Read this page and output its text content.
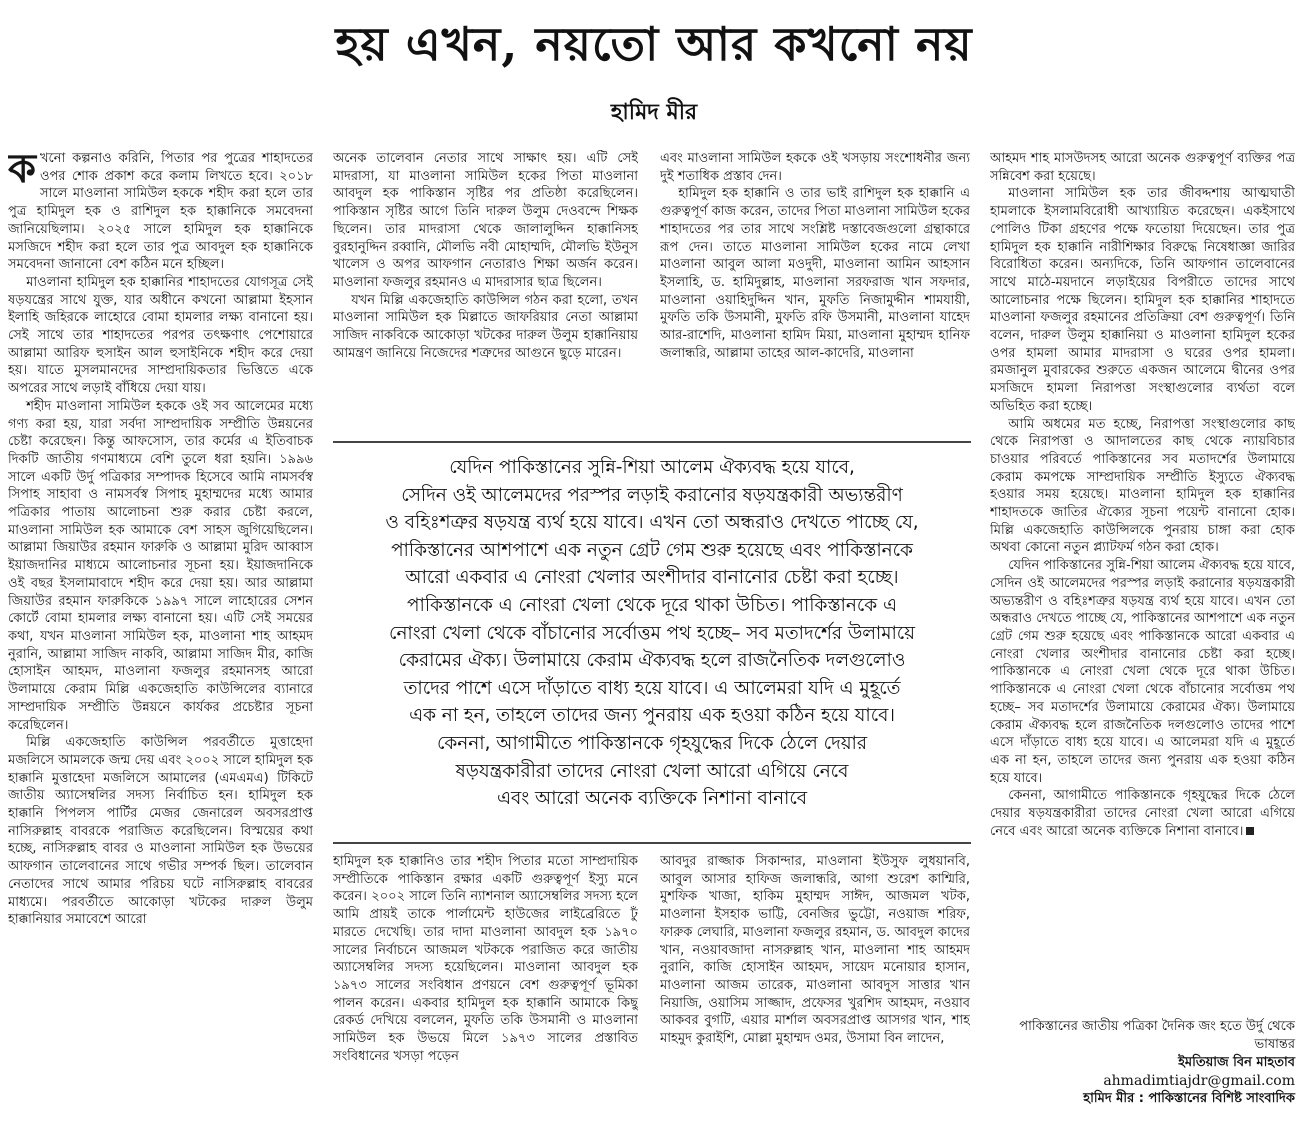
হয় এখন, নয়তো আর কখনো নয়
হামিদ মীর

কখনো কল্পনাও করিনি, পিতার পর পুত্রের শাহাদতের ওপর শোক প্রকাশ করে কলাম লিখতে হবে। ২০১৮ সালে মাওলানা সামিউল হককে শহীদ করা হলে তার পুত্র হামিদুল হক ও রাশিদুল হক হাক্কানিকে সমবেদনা জানিয়েছিলাম। ২০২৫ সালে হামিদুল হক হাক্কানিকে মসজিদে শহীদ করা হলে তার পুত্র আবদুল হক হাক্কানিকে সমবেদনা জানানো বেশ কঠিন মনে হচ্ছিল।

মাওলানা হামিদুল হক হাক্কানির শাহাদতের যোগসূত্র সেই ষড়যন্ত্রের সাথে যুক্ত, যার অধীনে কখনো আল্লামা ইহসান ইলাহি জহিরকে লাহোরে বোমা হামলার লক্ষ্য বানানো হয়। সেই সাথে তার শাহাদতের পরপর তৎক্ষণাৎ পেশোয়ারে আল্লামা আরিফ হুসাইন আল হুসাইনিকে শহীদ করে দেয়া হয়। যাতে মুসলমানদের সাম্প্রদায়িকতার ভিত্তিতে একে অপরের সাথে লড়াই বাঁধিয়ে দেয়া যায়।

শহীদ মাওলানা সামিউল হককে ওই সব আলেমের মধ্যে গণ্য করা হয়, যারা সর্বদা সাম্প্রদায়িক সম্প্রীতি উন্নয়নের চেষ্টা করেছেন। কিন্তু আফসোস, তার কর্মের এ ইতিবাচক দিকটি জাতীয় গণমাধ্যমে বেশি তুলে ধরা হয়নি। ১৯৯৬ সালে একটি উর্দু পত্রিকার সম্পাদক হিসেবে আমি নামসর্বস্ব সিপাহ সাহাবা ও নামসর্বস্ব সিপাহ মুহাম্মদের মধ্যে আমার পত্রিকার পাতায় আলোচনা শুরু করার চেষ্টা করলে, মাওলানা সামিউল হক আমাকে বেশ সাহস জুগিয়েছিলেন। আল্লামা জিয়াউর রহমান ফারুকি ও আল্লামা মুরিদ আব্বাস ইয়াজদানির মাধ্যমে আলোচনার সূচনা হয়। ইয়াজদানিকে ওই বছর ইসলামাবাদে শহীদ করে দেয়া হয়। আর আল্লামা জিয়াউর রহমান ফারুকিকে ১৯৯৭ সালে লাহোরের সেশন কোর্টে বোমা হামলার লক্ষ্য বানানো হয়। এটি সেই সময়ের কথা, যখন মাওলানা সামিউল হক, মাওলানা শাহ আহমদ নুরানি, আল্লামা সাজিদ নাকবি, আল্লামা সাজিদ মীর, কাজি হোসাইন আহমদ, মাওলানা ফজলুর রহমানসহ আরো উলামায়ে কেরাম মিল্লি একজেহাতি কাউন্সিলের ব্যানারে সাম্প্রদায়িক সম্প্রীতি উন্নয়নে কার্যকর প্রচেষ্টার সূচনা করেছিলেন।

মিল্লি একজেহাতি কাউন্সিল পরবর্তীতে মুত্তাহেদা মজলিসে আমলকে জন্ম দেয় এবং ২০০২ সালে হামিদুল হক হাক্কানি মুত্তাহেদা মজলিসে আমালের (এমএমএ) টিকিটে জাতীয় অ্যাসেম্বলির সদস্য নির্বাচিত হন। হামিদুল হক হাক্কানি পিপলস পার্টির মেজর জেনারেল অবসরপ্রাপ্ত নাসিরুল্লাহ বাবরকে পরাজিত করেছিলেন। বিস্ময়ের কথা হচ্ছে, নাসিরুল্লাহ বাবর ও মাওলানা সামিউল হক উভয়ের আফগান তালেবানের সাথে গভীর সম্পর্ক ছিল। তালেবান নেতাদের সাথে আমার পরিচয় ঘটে নাসিরুল্লাহ বাবরের মাধ্যমে। পরবর্তীতে আকোড়া খটকের দারুল উলুম হাক্কানিয়ার সমাবেশে আরো

অনেক তালেবান নেতার সাথে সাক্ষাৎ হয়। এটি সেই মাদরাসা, যা মাওলানা সামিউল হকের পিতা মাওলানা আবদুল হক পাকিস্তান সৃষ্টির পর প্রতিষ্ঠা করেছিলেন। পাকিস্তান সৃষ্টির আগে তিনি দারুল উলুম দেওবন্দে শিক্ষক ছিলেন। তার মাদরাসা থেকে জালালুদ্দিন হাক্কানিসহ বুরহানুদ্দিন রব্বানি, মৌলভি নবী মোহাম্মদি, মৌলভি ইউনুস খালেস ও অপর আফগান নেতারাও শিক্ষা অর্জন করেন। মাওলানা ফজলুর রহমানও এ মাদরাসার ছাত্র ছিলেন।

যখন মিল্লি একজেহাতি কাউন্সিল গঠন করা হলো, তখন মাওলানা সামিউল হক মিল্লাতে জাফরিয়ার নেতা আল্লামা সাজিদ নাকবিকে আকোড়া খটকের দারুল উলুম হাক্কানিয়ায় আমন্ত্রণ জানিয়ে নিজেদের শত্রুদের আগুনে ছুড়ে মারেন।

এবং মাওলানা সামিউল হককে ওই খসড়ায় সংশোধনীর জন্য দুই শতাধিক প্রস্তাব দেন।

হামিদুল হক হাক্কানি ও তার ভাই রাশিদুল হক হাক্কানি এ গুরুত্বপূর্ণ কাজ করেন, তাদের পিতা মাওলানা সামিউল হকের শাহাদতের পর তার সাথে সংশ্লিষ্ট দস্তাবেজগুলো গ্রন্থাকারে রূপ দেন। তাতে মাওলানা সামিউল হকের নামে লেখা মাওলানা আবুল আলা মওদুদী, মাওলানা আমিন আহসান ইসলাহি, ড. হামিদুল্লাহ, মাওলানা সরফরাজ খান সফদার, মাওলানা ওয়াহিদুদ্দিন খান, মুফতি নিজামুদ্দীন শামযায়ী, মুফতি তকি উসমানী, মুফতি রফি উসমানী, মাওলানা যাহেদ আর-রাশেদি, মাওলানা হামিদ মিয়া, মাওলানা মুহাম্মদ হানিফ জলান্ধরি, আল্লামা তাহের আল-কাদেরি, মাওলানা

আহমদ শাহ মাসউদসহ আরো অনেক গুরুত্বপূর্ণ ব্যক্তির পত্র সন্নিবেশ করা হয়েছে।

মাওলানা সামিউল হক তার জীবদ্দশায় আত্মঘাতী হামলাকে ইসলামবিরোধী আখ্যায়িত করেছেন। একইসাথে পোলিও টিকা গ্রহণের পক্ষে ফতোয়া দিয়েছেন। তার পুত্র হামিদুল হক হাক্কানি নারীশিক্ষার বিরুদ্ধে নিষেধাজ্ঞা জারির বিরোধিতা করেন। অন্যদিকে, তিনি আফগান তালেবানের সাথে মাঠে-ময়দানে লড়াইয়ের বিপরীতে তাদের সাথে আলোচনার পক্ষে ছিলেন। হামিদুল হক হাক্কানির শাহাদতে মাওলানা ফজলুর রহমানের প্রতিক্রিয়া বেশ গুরুত্বপূর্ণ। তিনি বলেন, দারুল উলুম হাক্কানিয়া ও মাওলানা হামিদুল হকের ওপর হামলা আমার মাদরাসা ও ঘরের ওপর হামলা। রমজানুল মুবারকের শুরুতে একজন আলেমে দ্বীনের ওপর মসজিদে হামলা নিরাপত্তা সংস্থাগুলোর ব্যর্থতা বলে অভিহিত করা হচ্ছে।

আমি অধমের মত হচ্ছে, নিরাপত্তা সংস্থাগুলোর কাছ থেকে নিরাপত্তা ও আদালতের কাছ থেকে ন্যায়বিচার চাওয়ার পরিবর্তে পাকিস্তানের সব মতাদর্শের উলামায়ে কেরাম কমপক্ষে সাম্প্রদায়িক সম্প্রীতি ইস্যুতে ঐক্যবদ্ধ হওয়ার সময় হয়েছে। মাওলানা হামিদুল হক হাক্কানির শাহাদতকে জাতির ঐক্যের সূচনা পয়েন্ট বানানো হোক। মিল্লি একজেহাতি কাউন্সিলকে পুনরায় চাঙ্গা করা হোক অথবা কোনো নতুন প্ল্যাটফর্ম গঠন করা হোক।

যেদিন পাকিস্তানের সুন্নি-শিয়া আলেম ঐক্যবদ্ধ হয়ে যাবে, সেদিন ওই আলেমদের পরস্পর লড়াই করানোর ষড়যন্ত্রকারী অভ্যন্তরীণ ও বহিঃশত্রুর ষড়যন্ত্র ব্যর্থ হয়ে যাবে। এখন তো অন্ধরাও দেখতে পাচ্ছে যে, পাকিস্তানের আশপাশে এক নতুন গ্রেট গেম শুরু হয়েছে এবং পাকিস্তানকে আরো একবার এ নোংরা খেলার অংশীদার বানানোর চেষ্টা করা হচ্ছে। পাকিস্তানকে এ নোংরা খেলা থেকে দূরে থাকা উচিত। পাকিস্তানকে এ নোংরা খেলা থেকে বাঁচানোর সর্বোত্তম পথ হচ্ছে– সব মতাদর্শের উলামায়ে কেরামের ঐক্য। উলামায়ে কেরাম ঐক্যবদ্ধ হলে রাজনৈতিক দলগুলোও তাদের পাশে এসে দাঁড়াতে বাধ্য হয়ে যাবে। এ আলেমরা যদি এ মুহূর্তে এক না হন, তাহলে তাদের জন্য পুনরায় এক হওয়া কঠিন হয়ে যাবে।

কেননা, আগামীতে পাকিস্তানকে গৃহযুদ্ধের দিকে ঠেলে দেয়ার ষড়যন্ত্রকারীরা তাদের নোংরা খেলা আরো এগিয়ে নেবে এবং আরো অনেক ব্যক্তিকে নিশানা বানাবে।

যেদিন পাকিস্তানের সুন্নি-শিয়া আলেম ঐক্যবদ্ধ হয়ে যাবে,
সেদিন ওই আলেমদের পরস্পর লড়াই করানোর ষড়যন্ত্রকারী অভ্যন্তরীণ
ও বহিঃশত্রুর ষড়যন্ত্র ব্যর্থ হয়ে যাবে। এখন তো অন্ধরাও দেখতে পাচ্ছে যে,
পাকিস্তানের আশপাশে এক নতুন গ্রেট গেম শুরু হয়েছে এবং পাকিস্তানকে
আরো একবার এ নোংরা খেলার অংশীদার বানানোর চেষ্টা করা হচ্ছে।
পাকিস্তানকে এ নোংরা খেলা থেকে দূরে থাকা উচিত। পাকিস্তানকে এ
নোংরা খেলা থেকে বাঁচানোর সর্বোত্তম পথ হচ্ছে– সব মতাদর্শের উলামায়ে
কেরামের ঐক্য। উলামায়ে কেরাম ঐক্যবদ্ধ হলে রাজনৈতিক দলগুলোও
তাদের পাশে এসে দাঁড়াতে বাধ্য হয়ে যাবে। এ আলেমরা যদি এ মুহূর্তে
এক না হন, তাহলে তাদের জন্য পুনরায় এক হওয়া কঠিন হয়ে যাবে।
কেননা, আগামীতে পাকিস্তানকে গৃহযুদ্ধের দিকে ঠেলে দেয়ার
ষড়যন্ত্রকারীরা তাদের নোংরা খেলা আরো এগিয়ে নেবে
এবং আরো অনেক ব্যক্তিকে নিশানা বানাবে

হামিদুল হক হাক্কানিও তার শহীদ পিতার মতো সাম্প্রদায়িক সম্প্রীতিকে পাকিস্তান রক্ষার একটি গুরুত্বপূর্ণ ইস্যু মনে করেন। ২০০২ সালে তিনি ন্যাশনাল অ্যাসেম্বলির সদস্য হলে আমি প্রায়ই তাকে পার্লামেন্ট হাউজের লাইব্রেরিতে ঢুঁ মারতে দেখেছি। তার দাদা মাওলানা আবদুল হক ১৯৭০ সালের নির্বাচনে আজমল খটককে পরাজিত করে জাতীয় অ্যাসেম্বলির সদস্য হয়েছিলেন। মাওলানা আবদুল হক ১৯৭৩ সালের সংবিধান প্রণয়নে বেশ গুরুত্বপূর্ণ ভূমিকা পালন করেন। একবার হামিদুল হক হাক্কানি আমাকে কিছু রেকর্ড দেখিয়ে বললেন, মুফতি তকি উসমানী ও মাওলানা সামিউল হক উভয়ে মিলে ১৯৭৩ সালের প্রস্তাবিত সংবিধানের খসড়া পড়েন

আবদুর রাজ্জাক সিকান্দার, মাওলানা ইউসুফ লুধয়ানবি, আবুল আসার হাফিজ জলান্ধরি, আগা শুরেশ কাশ্মিরি, মুশফিক খাজা, হাকিম মুহাম্মদ সাঈদ, আজমল খটক, মাওলানা ইসহাক ভাট্টি, বেনজির ভুট্টো, নওয়াজ শরিফ, ফারুক লেঘারি, মাওলানা ফজলুর রহমান, ড. আবদুল কাদের খান, নওয়াবজাদা নাসরুল্লাহ খান, মাওলানা শাহ আহমদ নুরানি, কাজি হোসাইন আহমদ, সায়েদ মনোয়ার হাসান, মাওলানা আজম তারেক, মাওলানা আবদুস সাত্তার খান নিয়াজি, ওয়াসিম সাজ্জাদ, প্রফেসর খুরশিদ আহমদ, নওয়াব আকবর বুগটি, এয়ার মার্শাল অবসরপ্রাপ্ত আসগর খান, শাহ মাহমুদ কুরাইশি, মোল্লা মুহাম্মদ ওমর, উসামা বিন লাদেন,

পাকিস্তানের জাতীয় পত্রিকা দৈনিক জং হতে উর্দু থেকে ভাষান্তর
ইমতিয়াজ বিন মাহতাব
ahmadimtiajdr@gmail.com
হামিদ মীর : পাকিস্তানের বিশিষ্ট সাংবাদিক
